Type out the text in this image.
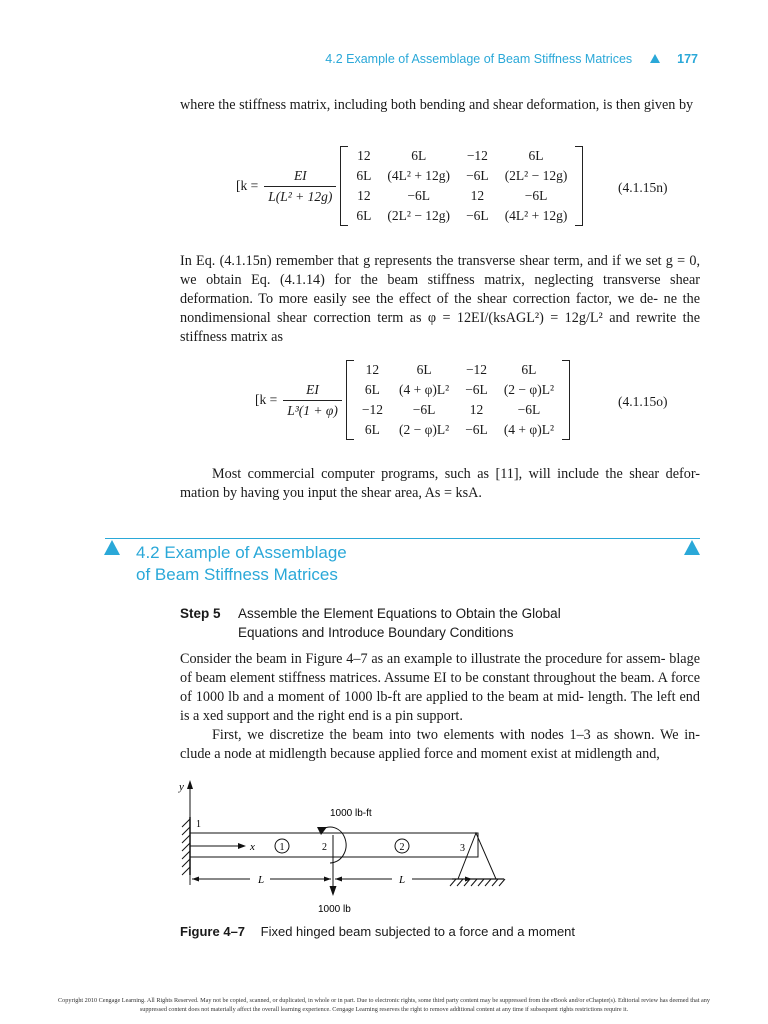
4.2 Example of Assemblage of Beam Stiffness Matrices	177

where the stiffness matrix, including both bending and shear deformation, is then given by

[$k = \frac{EI}{\text{L(L² + 12g)}}$
12	6L	−12	6L
6L	(4L² + 12g)	−6L	(2L² − 12g)
12	−6L	12	−6L
6L	(2L² − 12g)	−6L	(4L² + 12g)
(4.1.15n)

In Eq. (4.1.15n) remember that g represents the transverse shear term, and if we set g = 0, we obtain Eq. (4.1.14) for the beam stiffness matrix, neglecting transverse shear deformation. To more easily see the effect of the shear correction factor, we de- ne the nondimensional shear correction term as φ = 12EI/(ksAGL²) = 12g/L² and rewrite the stiffness matrix as

[$k = \frac{EI}{\text{L³(1 + φ)}}$
12	6L	−12	6L
6L	(4 + φ)L²	−6L	(2 − φ)L²
−12	−6L	12	−6L
6L	(2 − φ)L²	−6L	(4 + φ)L²
(4.1.15o)

Most commercial computer programs, such as [11], will include the shear defor- mation by having you input the shear area, As = ksA.

4.2 Example of Assemblage
of Beam Stiffness Matrices
Step 5 Assemble the Element Equations to Obtain the Global
Equations and Introduce Boundary Conditions

Consider the beam in Figure 4–7 as an example to illustrate the procedure for assem- blage of beam element stiffness matrices. Assume EI to be constant throughout the beam. A force of 1000 lb and a moment of 1000 lb-ft are applied to the beam at mid- length. The left end is a xed support and the right end is a pin support.

First, we discretize the beam into two elements with nodes 1–3 as shown. We in- clude a node at midlength because applied force and moment exist at midlength and,

y
1
x 1	2
1000 lb-ft
1000 lb
2	3
L	L
Figure 4–7 Fixed hinged beam subjected to a force and a moment
Copyright 2010 Cengage Learning. All Rights Reserved. May not be copied, scanned, or duplicated, in whole or in part. Due to electronic rights, some third party content may be suppressed from the eBook and/or eChapter(s). Editorial review has deemed that any suppressed content does not materially affect the overall learning experience. Cengage Learning reserves the right to remove additional content at any time if subsequent rights restrictions require it.
